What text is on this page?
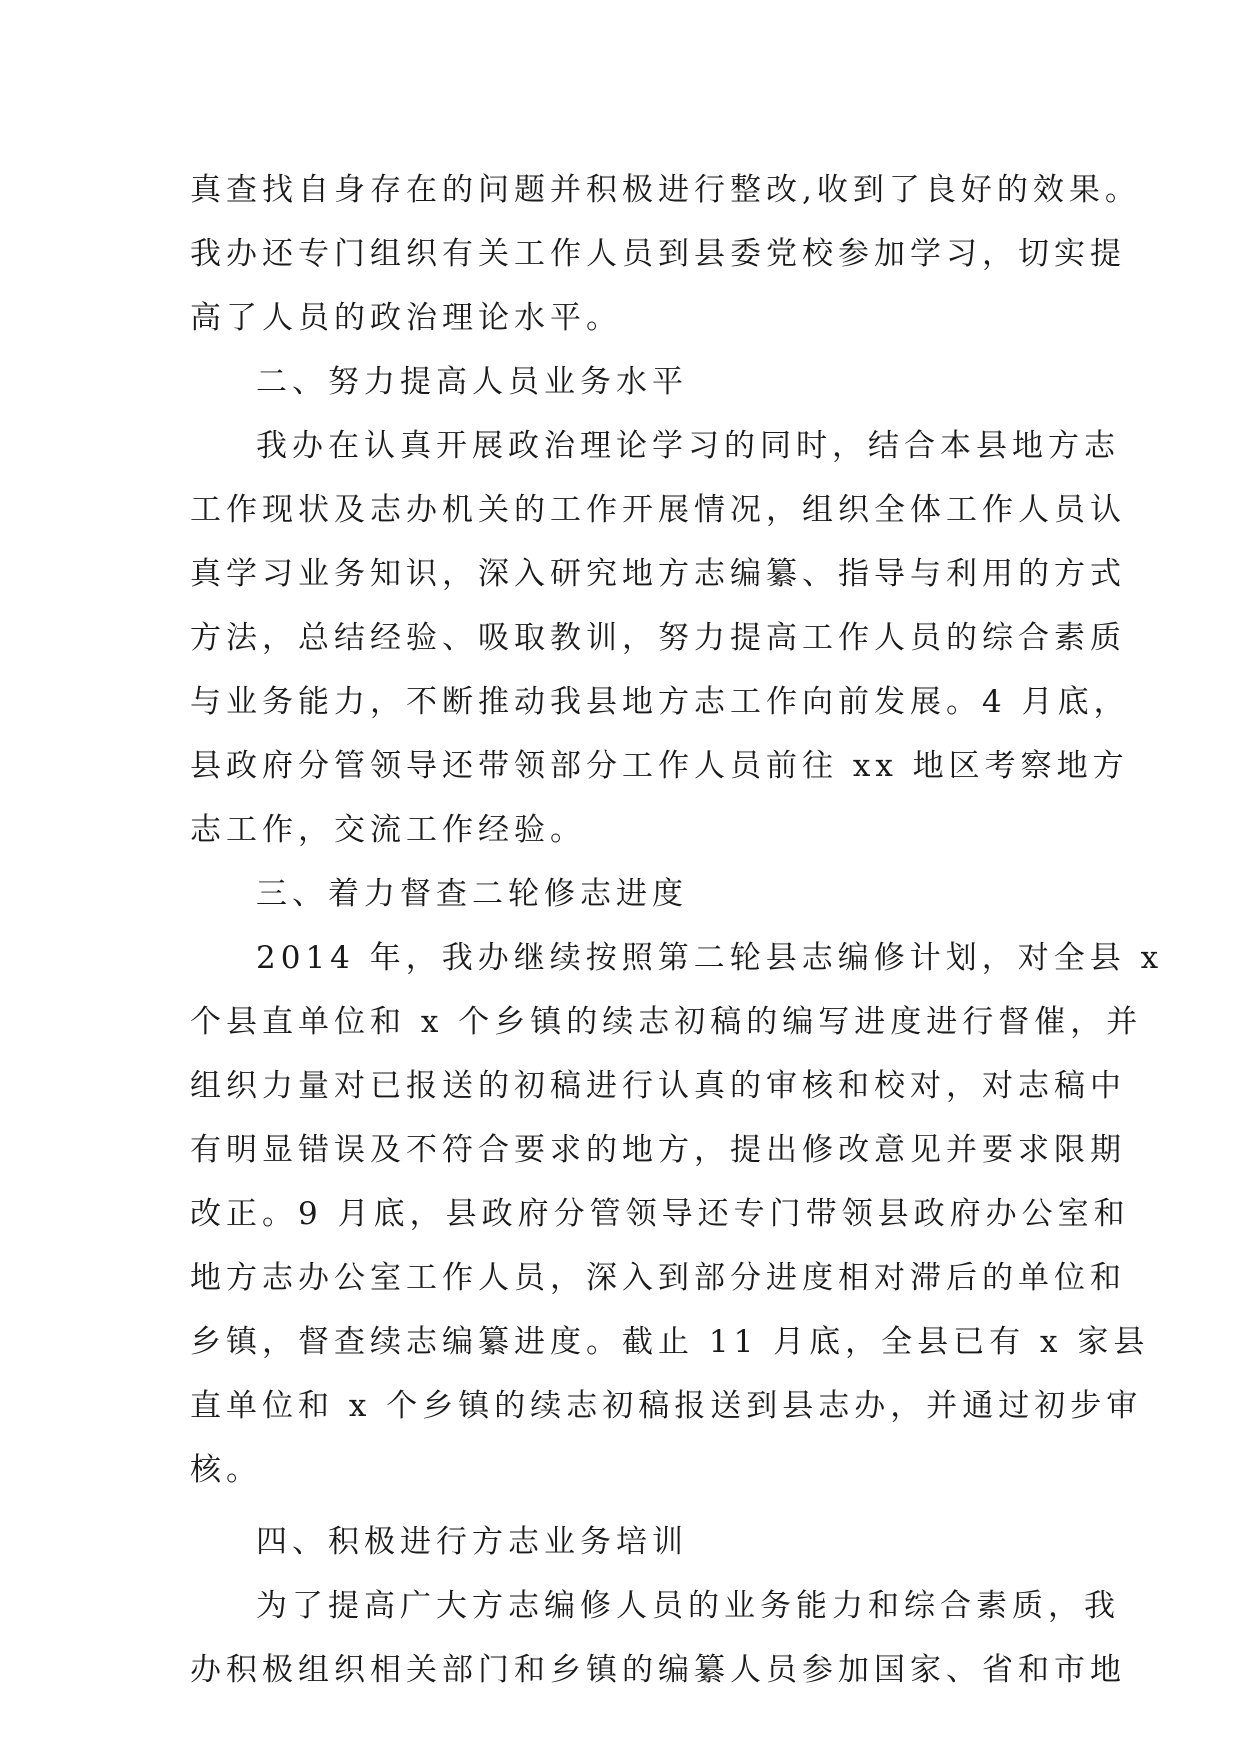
真查找自身存在的问题并积极进行整改,收到了良好的效果。
我办还专门组织有关工作人员到县委党校参加学习，切实提
高了人员的政治理论水平。
二、努力提高人员业务水平
我办在认真开展政治理论学习的同时，结合本县地方志
工作现状及志办机关的工作开展情况，组织全体工作人员认
真学习业务知识，深入研究地方志编纂、指导与利用的方式
方法，总结经验、吸取教训，努力提高工作人员的综合素质
与业务能力，不断推动我县地方志工作向前发展。4 月底，
县政府分管领导还带领部分工作人员前往 xx 地区考察地方
志工作，交流工作经验。
三、着力督查二轮修志进度
2014 年，我办继续按照第二轮县志编修计划，对全县 x
个县直单位和 x 个乡镇的续志初稿的编写进度进行督催，并
组织力量对已报送的初稿进行认真的审核和校对，对志稿中
有明显错误及不符合要求的地方，提出修改意见并要求限期
改正。9 月底，县政府分管领导还专门带领县政府办公室和
地方志办公室工作人员，深入到部分进度相对滞后的单位和
乡镇，督查续志编纂进度。截止 11 月底，全县已有 x 家县
直单位和 x 个乡镇的续志初稿报送到县志办，并通过初步审
核。
四、积极进行方志业务培训
为了提高广大方志编修人员的业务能力和综合素质，我
办积极组织相关部门和乡镇的编纂人员参加国家、省和市地
